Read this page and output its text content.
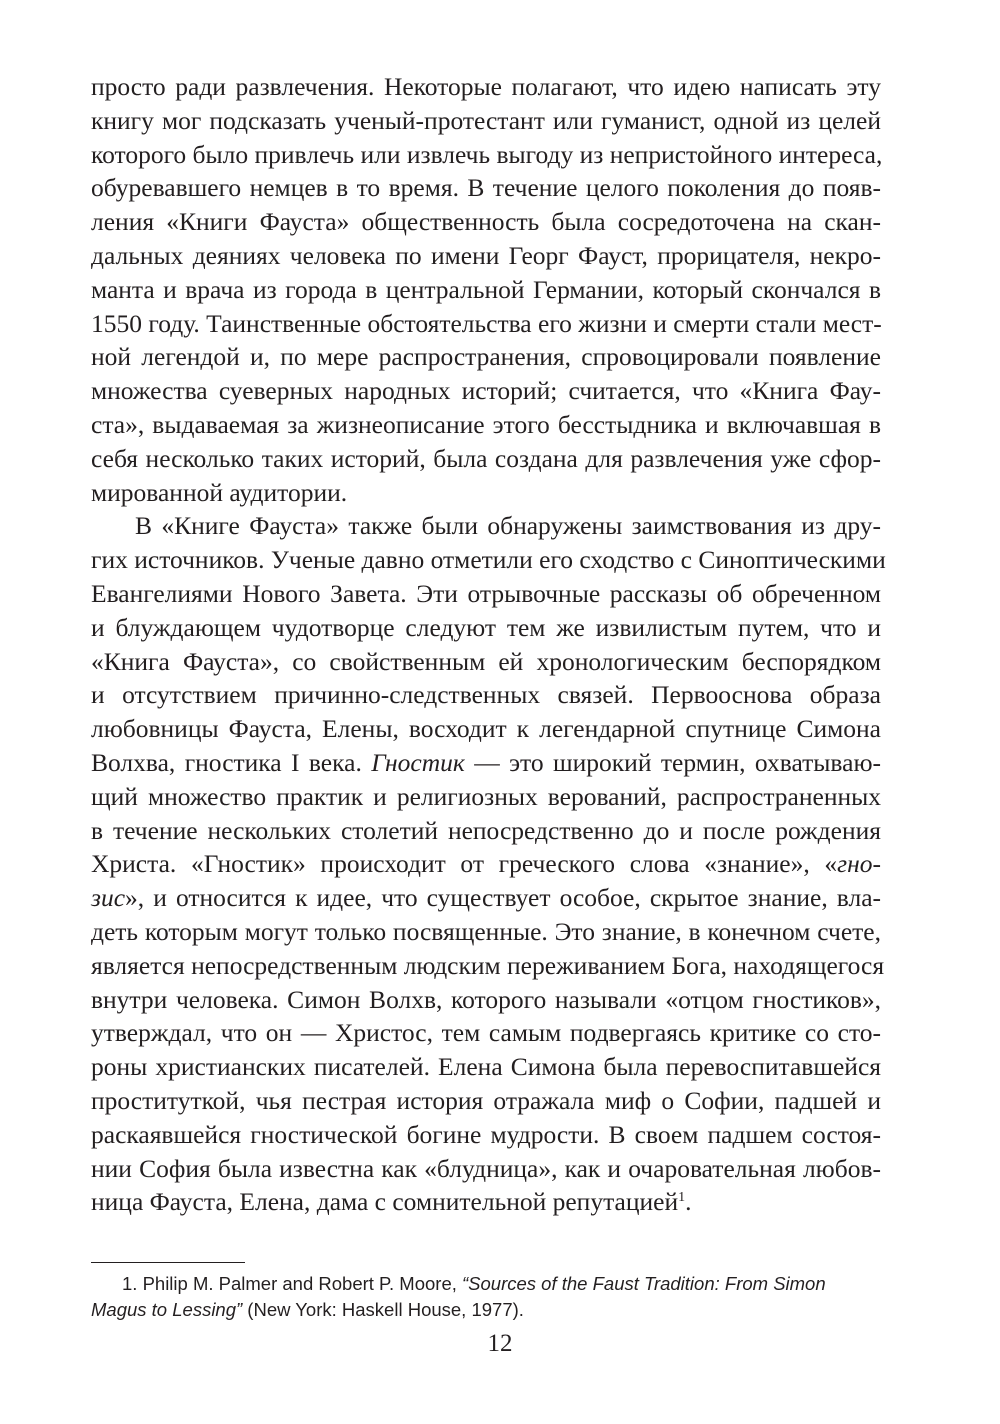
просто ради развлечения. Некоторые полагают, что идею написать эту
книгу мог подсказать ученый-протестант или гуманист, одной из целей
которого было привлечь или извлечь выгоду из непристойного интереса,
обуревавшего немцев в то время. В течение целого поколения до появ-
ления «Книги Фауста» общественность была сосредоточена на скан-
дальных деяниях человека по имени Георг Фауст, прорицателя, некро-
манта и врача из города в центральной Германии, который скончался в
1550 году. Таинственные обстоятельства его жизни и смерти стали мест-
ной легендой и, по мере распространения, спровоцировали появление
множества суеверных народных историй; считается, что «Книга Фау-
ста», выдаваемая за жизнеописание этого бесстыдника и включавшая в
себя несколько таких историй, была создана для развлечения уже сфор-
мированной аудитории.
В «Книге Фауста» также были обнаружены заимствования из дру-
гих источников. Ученые давно отметили его сходство с Синоптическими
Евангелиями Нового Завета. Эти отрывочные рассказы об обреченном
и блуждающем чудотворце следуют тем же извилистым путем, что и
«Книга Фауста», со свойственным ей хронологическим беспорядком
и отсутствием причинно-следственных связей. Первооснова образа
любовницы Фауста, Елены, восходит к легендарной спутнице Симона
Волхва, гностика I века. Гностик — это широкий термин, охватываю-
щий множество практик и религиозных верований, распространенных
в течение нескольких столетий непосредственно до и после рождения
Христа. «Гностик» происходит от греческого слова «знание», «гно-
зис», и относится к идее, что существует особое, скрытое знание, вла-
деть которым могут только посвященные. Это знание, в конечном счете,
является непосредственным людским переживанием Бога, находящегося
внутри человека. Симон Волхв, которого называли «отцом гностиков»,
утверждал, что он — Христос, тем самым подвергаясь критике со сто-
роны христианских писателей. Елена Симона была перевоспитавшейся
проституткой, чья пестрая история отражала миф о Софии, падшей и
раскаявшейся гностической богине мудрости. В своем падшем состоя-
нии София была известна как «блудница», как и очаровательная любов-
ница Фауста, Елена, дама с сомнительной репутацией$^1$.
1. Philip M. Palmer and Robert P. Moore, “Sources of the Faust Tradition: From Simon
Magus to Lessing” (New York: Haskell House, 1977).
12
